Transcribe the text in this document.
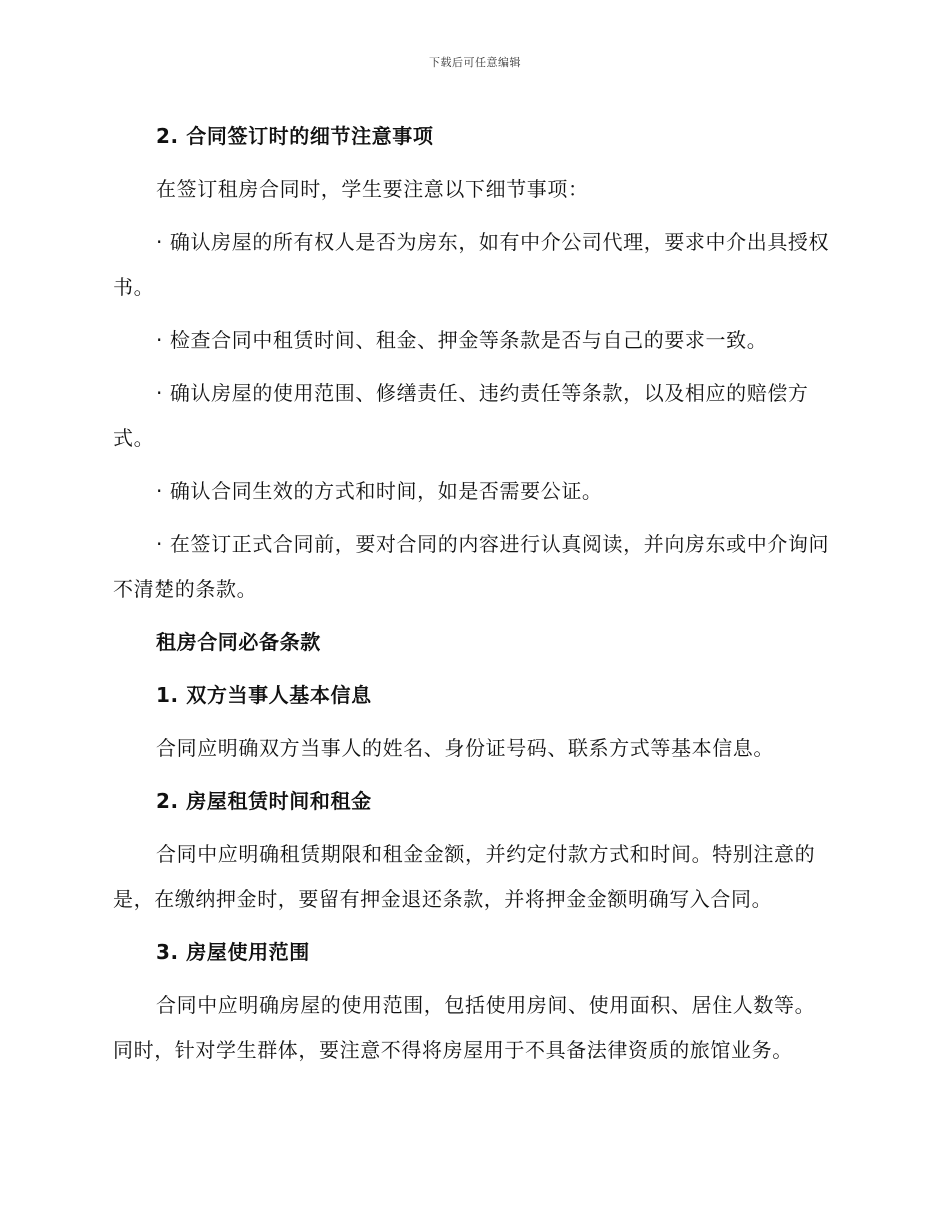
下载后可任意编辑

2. 合同签订时的细节注意事项

在签订租房合同时，学生要注意以下细节事项：

· 确认房屋的所有权人是否为房东，如有中介公司代理，要求中介出具授权书。

· 检查合同中租赁时间、租金、押金等条款是否与自己的要求一致。

· 确认房屋的使用范围、修缮责任、违约责任等条款，以及相应的赔偿方式。

· 确认合同生效的方式和时间，如是否需要公证。

· 在签订正式合同前，要对合同的内容进行认真阅读，并向房东或中介询问不清楚的条款。

租房合同必备条款

1. 双方当事人基本信息

合同应明确双方当事人的姓名、身份证号码、联系方式等基本信息。

2. 房屋租赁时间和租金

合同中应明确租赁期限和租金金额，并约定付款方式和时间。特别注意的是，在缴纳押金时，要留有押金退还条款，并将押金金额明确写入合同。

3. 房屋使用范围

合同中应明确房屋的使用范围，包括使用房间、使用面积、居住人数等。同时，针对学生群体，要注意不得将房屋用于不具备法律资质的旅馆业务。
